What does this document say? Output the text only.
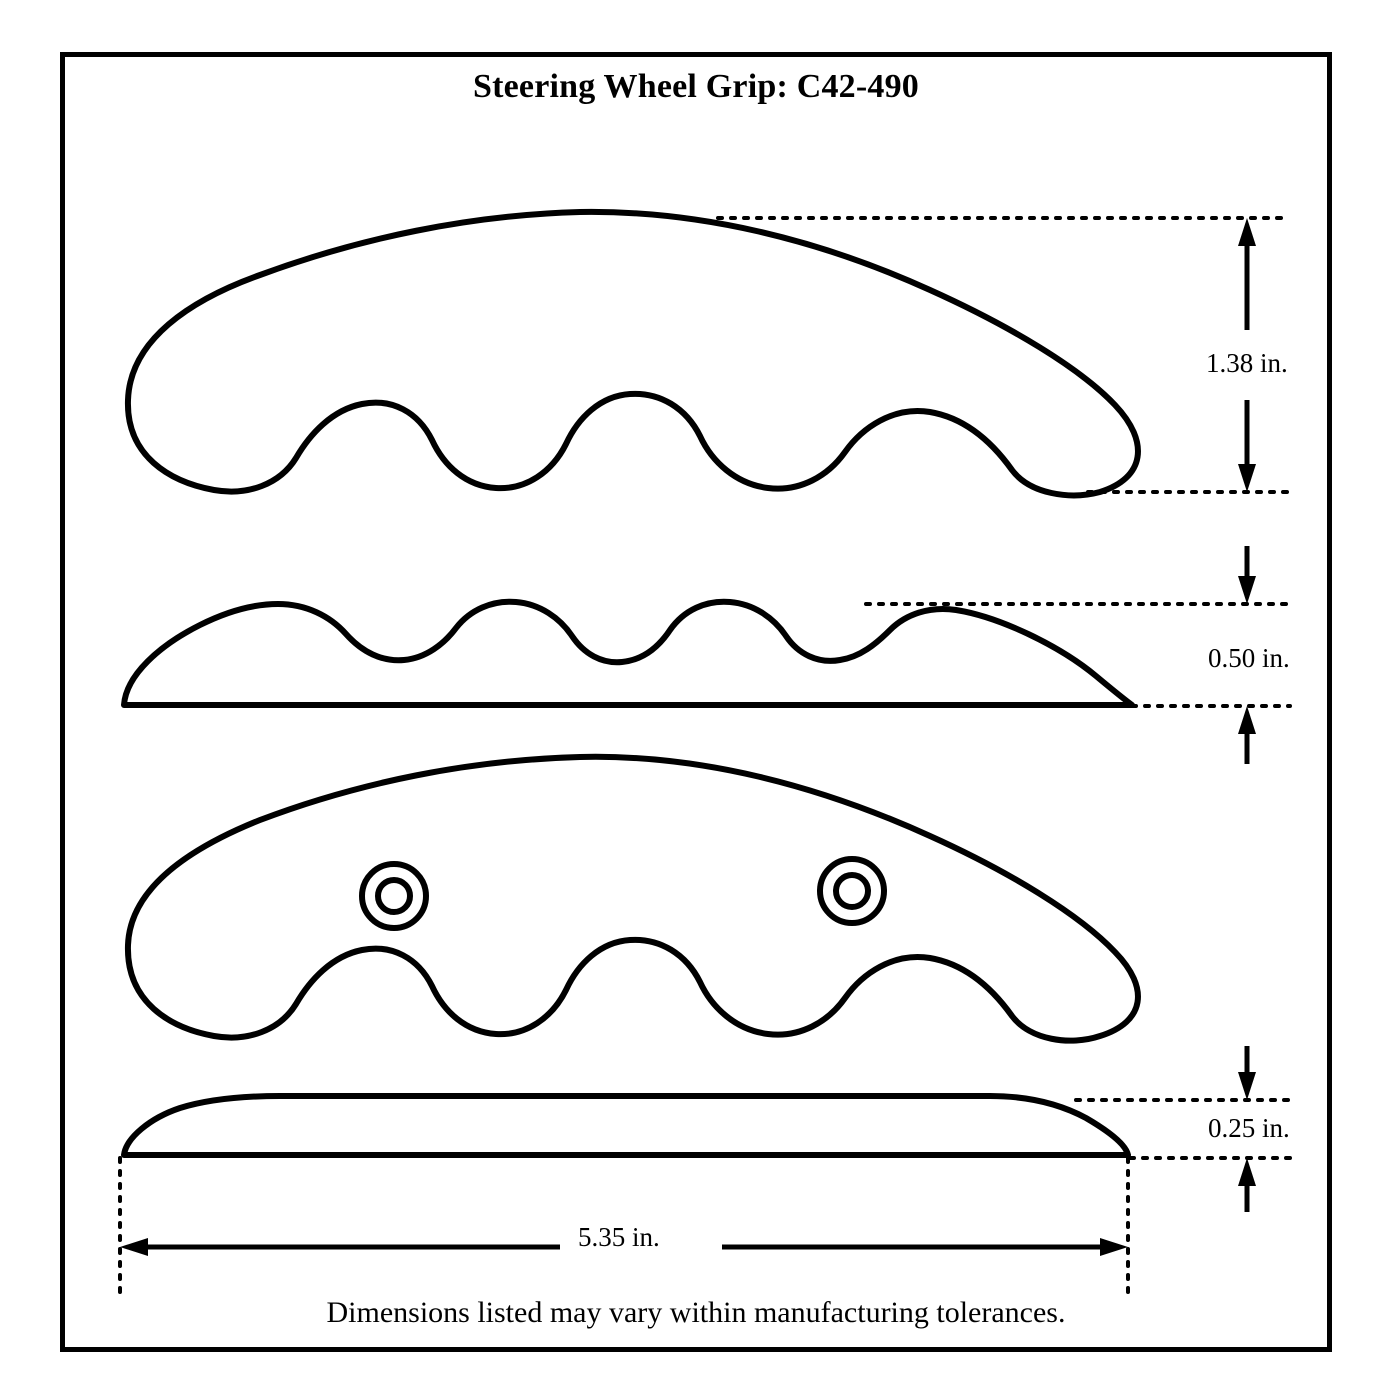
Steering Wheel Grip: C42-490
1.38 in.
0.50 in.
0.25 in.
5.35 in.
Dimensions listed may vary within manufacturing tolerances.
